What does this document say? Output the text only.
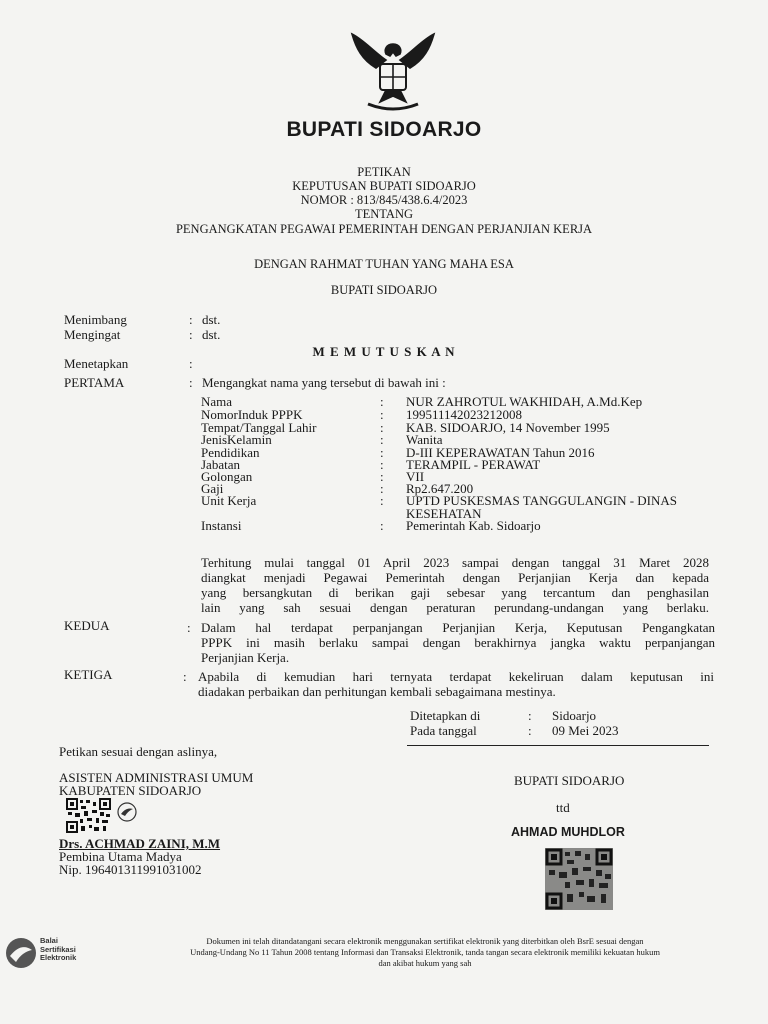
BUPATI SIDOARJO
PETIKAN
KEPUTUSAN BUPATI SIDOARJO
NOMOR : 813/845/438.6.4/2023
TENTANG
PENGANGKATAN PEGAWAI PEMERINTAH DENGAN PERJANJIAN KERJA
DENGAN RAHMAT TUHAN YANG MAHA ESA
BUPATI SIDOARJO
Menimbang	: dst.
Mengingat	: dst.
M E M U T U S K A N
Menetapkan	:
PERTAMA	: Mengangkat nama yang tersebut di bawah ini :
Nama	: NUR ZAHROTUL WAKHIDAH, A.Md.Kep
NomorInduk PPPK	: 199511142023212008
Tempat/Tanggal Lahir	: KAB. SIDOARJO, 14 November 1995
JenisKelamin	: Wanita
Pendidikan	: D-III KEPERAWATAN Tahun 2016
Jabatan	: TERAMPIL - PERAWAT
Golongan	: VII
Gaji	: Rp2.647.200
Unit Kerja	: UPTD PUSKESMAS TANGGULANGIN - DINAS
KESEHATAN
Instansi	: Pemerintah Kab. Sidoarjo
Terhitung mulai tanggal 01 April 2023 sampai dengan tanggal 31 Maret 2028
diangkat menjadi Pegawai Pemerintah dengan Perjanjian Kerja dan kepada
yang bersangkutan di berikan gaji sebesar yang tercantum dan penghasilan
lain yang sah sesuai dengan peraturan perundang-undangan yang berlaku.
KEDUA	: Dalam hal terdapat perpanjangan Perjanjian Kerja, Keputusan Pengangkatan
PPPK ini masih berlaku sampai dengan berakhirnya jangka waktu perpanjangan
Perjanjian Kerja.
KETIGA	: Apabila di kemudian hari ternyata terdapat kekeliruan dalam keputusan ini
diadakan perbaikan dan perhitungan kembali sebagaimana mestinya.
Ditetapkan di	: Sidoarjo
Pada tanggal	: 09 Mei 2023
Petikan sesuai dengan aslinya,
ASISTEN ADMINISTRASI UMUM
KABUPATEN SIDOARJO
Drs. ACHMAD ZAINI, M.M
Pembina Utama Madya
Nip. 196401311991031002
BUPATI SIDOARJO
ttd
AHMAD MUHDLOR
Balai
Sertifikasi
Elektronik
Dokumen ini telah ditandatangani secara elektronik menggunakan sertifikat elektronik yang diterbitkan oleh BsrE sesuai dengan
Undang-Undang No 11 Tahun 2008 tentang Informasi dan Transaksi Elektronik, tanda tangan secara elektronik memiliki kekuatan hukum
dan akibat hukum yang sah
